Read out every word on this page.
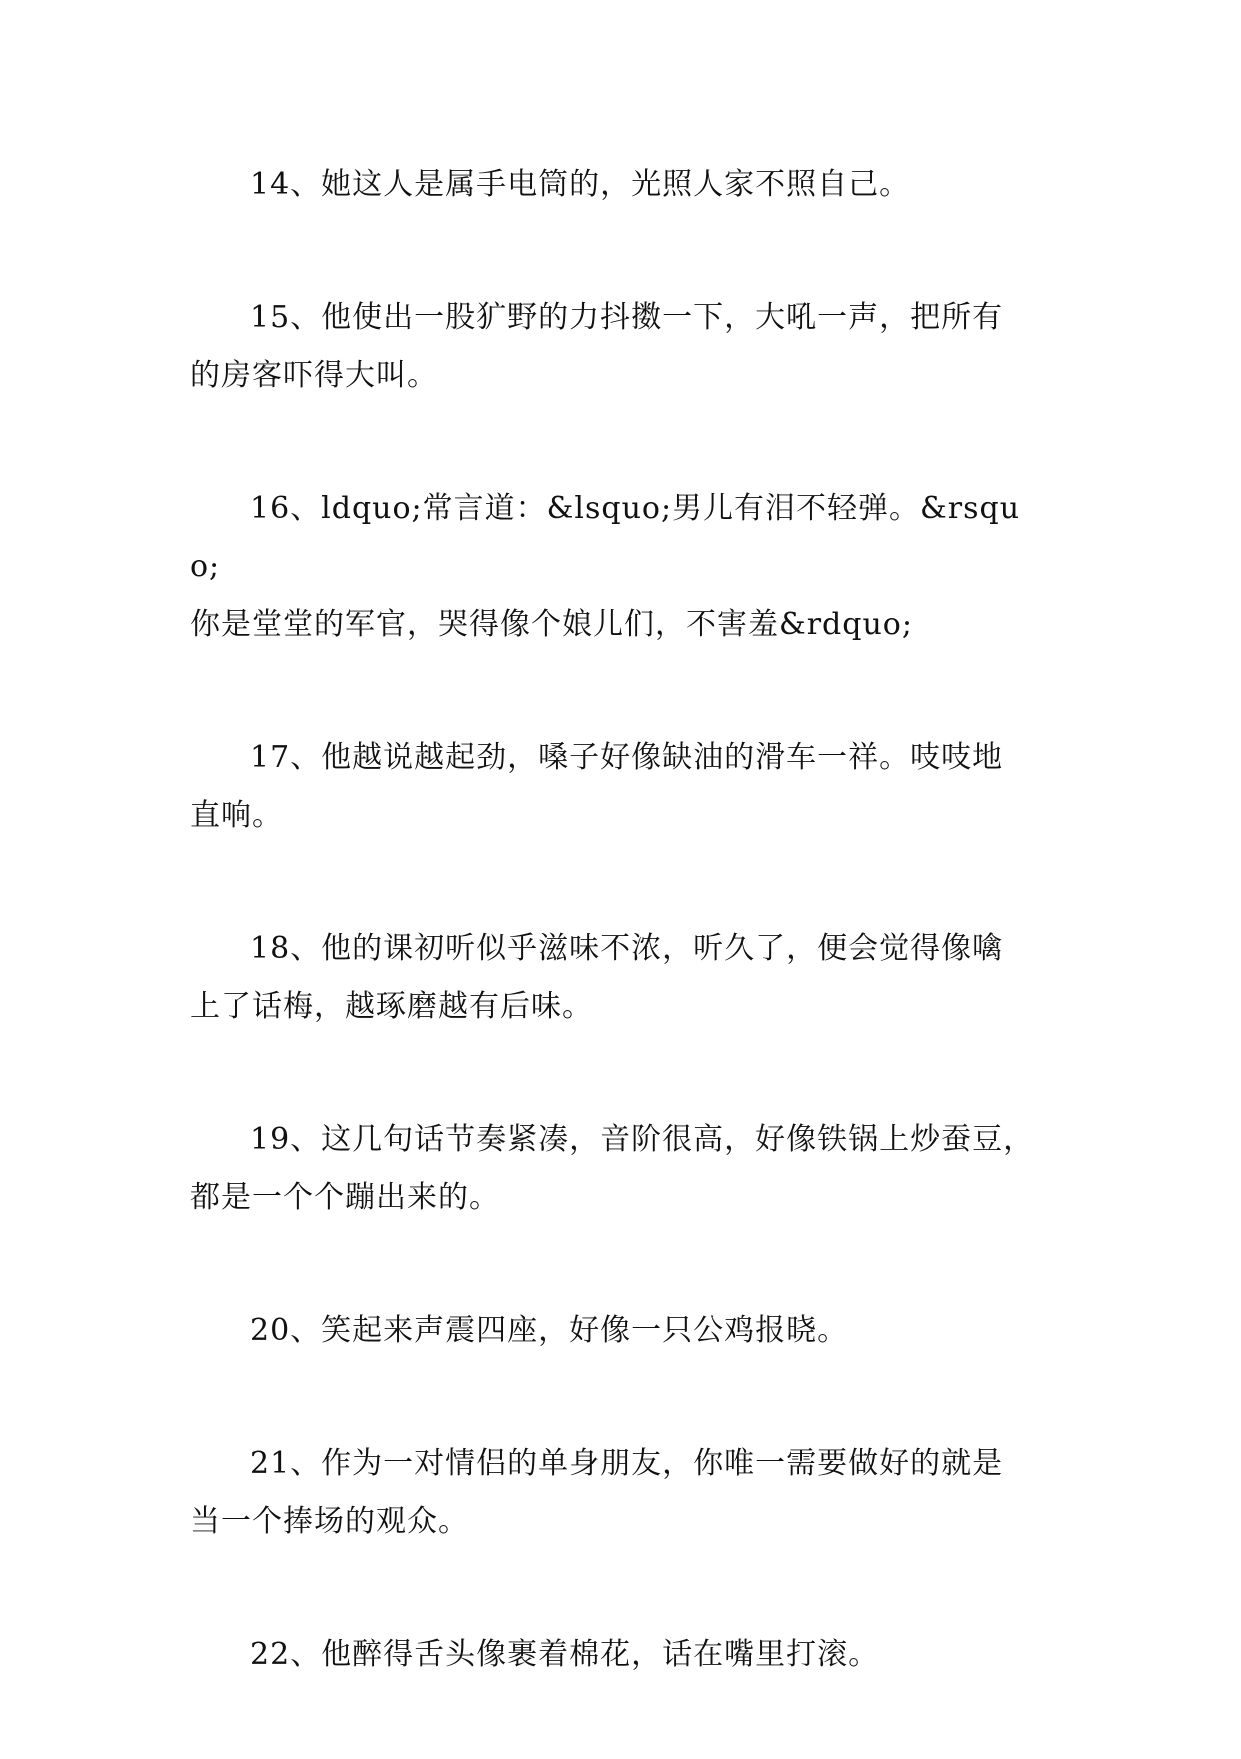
14、她这人是属手电筒的，光照人家不照自己。

15、他使出一股犷野的力抖擞一下，大吼一声，把所有
的房客吓得大叫。

16、ldquo;常言道：&lsquo;男儿有泪不轻弹。&rsquo;
你是堂堂的军官，哭得像个娘儿们，不害羞&rdquo;

17、他越说越起劲，嗓子好像缺油的滑车一祥。吱吱地
直响。

18、他的课初听似乎滋味不浓，听久了，便会觉得像噙
上了话梅，越琢磨越有后味。

19、这几句话节奏紧凑，音阶很高，好像铁锅上炒蚕豆，
都是一个个蹦出来的。

20、笑起来声震四座，好像一只公鸡报晓。

21、作为一对情侣的单身朋友，你唯一需要做好的就是
当一个捧场的观众。

22、他醉得舌头像裹着棉花，话在嘴里打滚。
